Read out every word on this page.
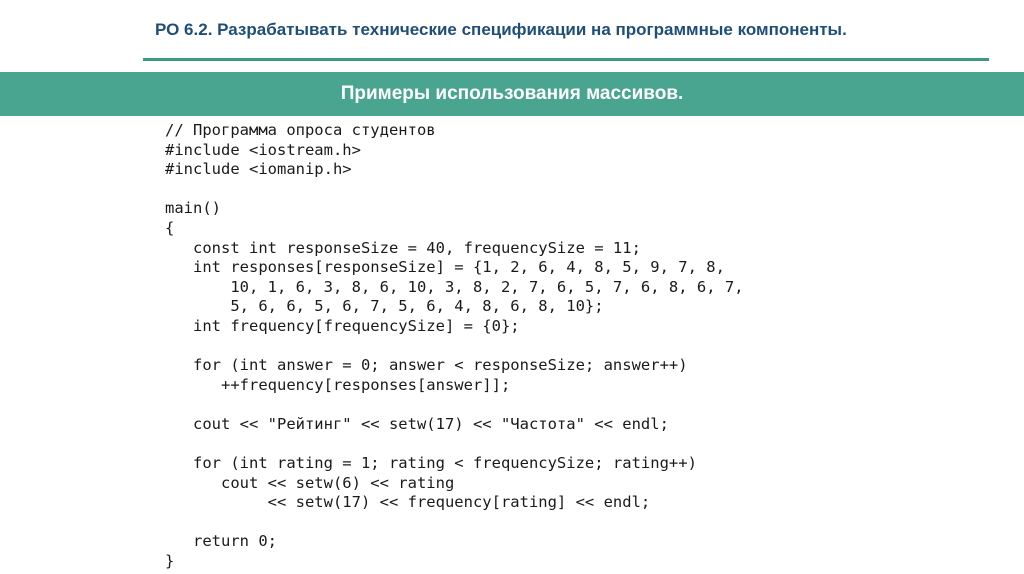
РО 6.2. Разрабатывать технические спецификации на программные компоненты.
Примеры использования массивов.
// Программа опроса студентов
#include <iostream.h>
#include <iomanip.h>
main()
{
const int responseSize = 40, frequencySize = 11;
int responses[responseSize] = {1, 2, 6, 4, 8, 5, 9, 7, 8,
10, 1, 6, 3, 8, 6, 10, 3, 8, 2, 7, 6, 5, 7, 6, 8, 6, 7,
5, 6, 6, 5, 6, 7, 5, 6, 4, 8, 6, 8, 10};
int frequency[frequencySize] = {0};
for (int answer = 0; answer < responseSize; answer++)
++frequency[responses[answer]];
cout << "Рейтинг" << setw(17) << "Частота" << endl;
for (int rating = 1; rating < frequencySize; rating++)
cout << setw(6) << rating
<< setw(17) << frequency[rating] << endl;
return 0;
}
